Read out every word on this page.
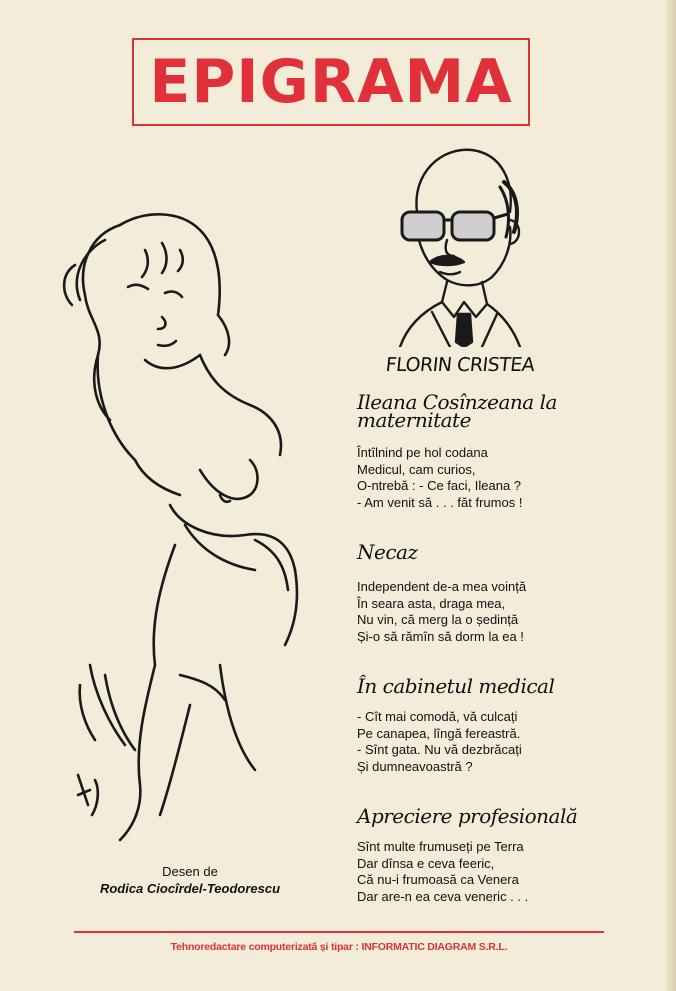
EPIGRAMA
FLORIN CRISTEA
Ileana Cosînzeana la maternitate
Întîlnind pe hol codana
Medicul, cam curios,
O-ntrebă : - Ce faci, Ileana ?
- Am venit să . . . făt frumos !
Necaz
Independent de-a mea voință
În seara asta, draga mea,
Nu vin, că merg la o ședință
Și-o să rămîn să dorm la ea !
În cabinetul medical
- Cît mai comodă, vă culcați
Pe canapea, lîngă fereastră.
- Sînt gata. Nu vă dezbrăcați
Și dumneavoastră ?
Apreciere profesională
Sînt multe frumuseți pe Terra
Dar dînsa e ceva feeric,
Că nu-i frumoasă ca Venera
Dar are-n ea ceva veneric . . .
Desen de
Rodica Ciocîrdel-Teodorescu
Tehnoredactare computerizată și tipar : INFORMATIC DIAGRAM S.R.L.
